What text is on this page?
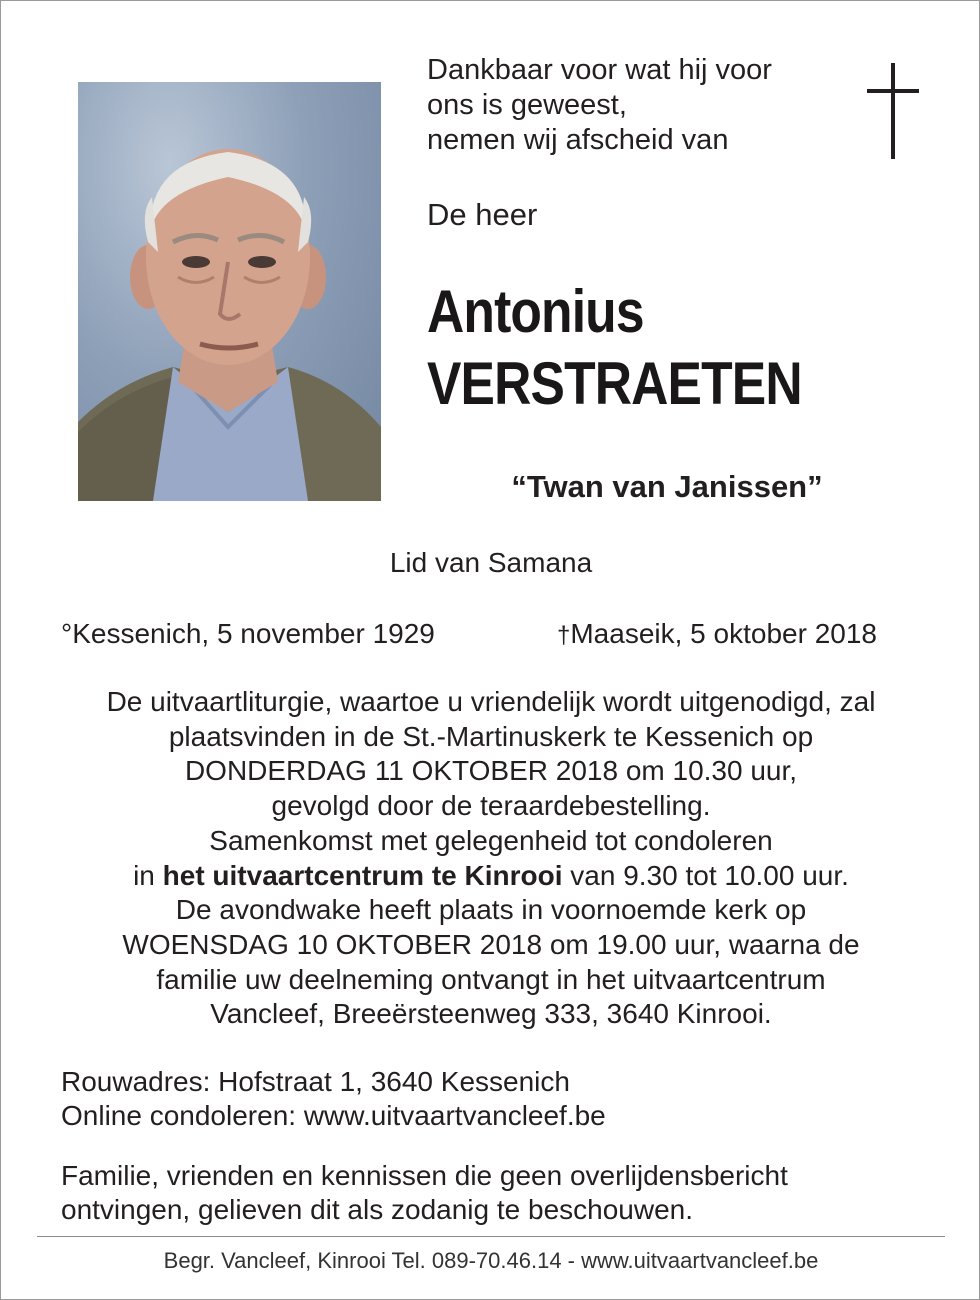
Dankbaar voor wat hij voor
ons is geweest,
nemen wij afscheid van
De heer
Antonius
VERSTRAETEN
“Twan van Janissen”
Lid van Samana
°Kessenich, 5 november 1929	†Maaseik, 5 oktober 2018
De uitvaartliturgie, waartoe u vriendelijk wordt uitgenodigd, zal
plaatsvinden in de St.-Martinuskerk te Kessenich op
DONDERDAG 11 OKTOBER 2018 om 10.30 uur,
gevolgd door de teraardebestelling.
Samenkomst met gelegenheid tot condoleren
in het uitvaartcentrum te Kinrooi van 9.30 tot 10.00 uur.
De avondwake heeft plaats in voornoemde kerk op
WOENSDAG 10 OKTOBER 2018 om 19.00 uur, waarna de
familie uw deelneming ontvangt in het uitvaartcentrum
Vancleef, Breeërsteenweg 333, 3640 Kinrooi.
Rouwadres: Hofstraat 1, 3640 Kessenich
Online condoleren: www.uitvaartvancleef.be
Familie, vrienden en kennissen die geen overlijdensbericht
ontvingen, gelieven dit als zodanig te beschouwen.
Begr. Vancleef, Kinrooi Tel. 089-70.46.14 - www.uitvaartvancleef.be
